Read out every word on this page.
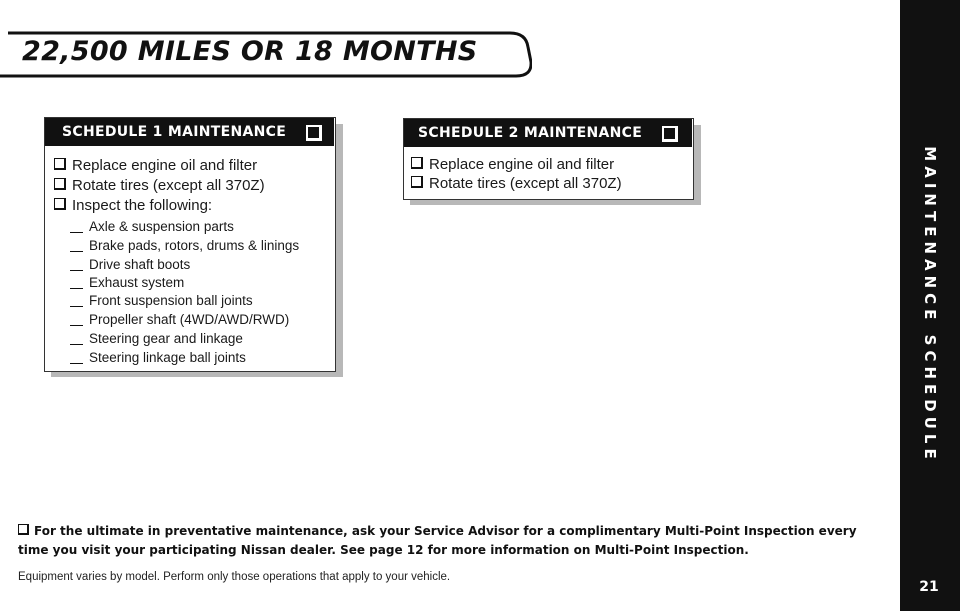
22,500 MILES OR 18 MONTHS
MAINTENANCE SCHEDULE
21
SCHEDULE 1 MAINTENANCE
Replace engine oil and filter
Rotate tires (except all 370Z)
Inspect the following:
Axle & suspension parts
Brake pads, rotors, drums & linings
Drive shaft boots
Exhaust system
Front suspension ball joints
Propeller shaft (4WD/AWD/RWD)
Steering gear and linkage
Steering linkage ball joints
SCHEDULE 2 MAINTENANCE
Replace engine oil and filter
Rotate tires (except all 370Z)
For the ultimate in preventative maintenance, ask your Service Advisor for a complimentary Multi-Point Inspection every time you visit your participating Nissan dealer. See page 12 for more information on Multi-Point Inspection.
Equipment varies by model. Perform only those operations that apply to your vehicle.
